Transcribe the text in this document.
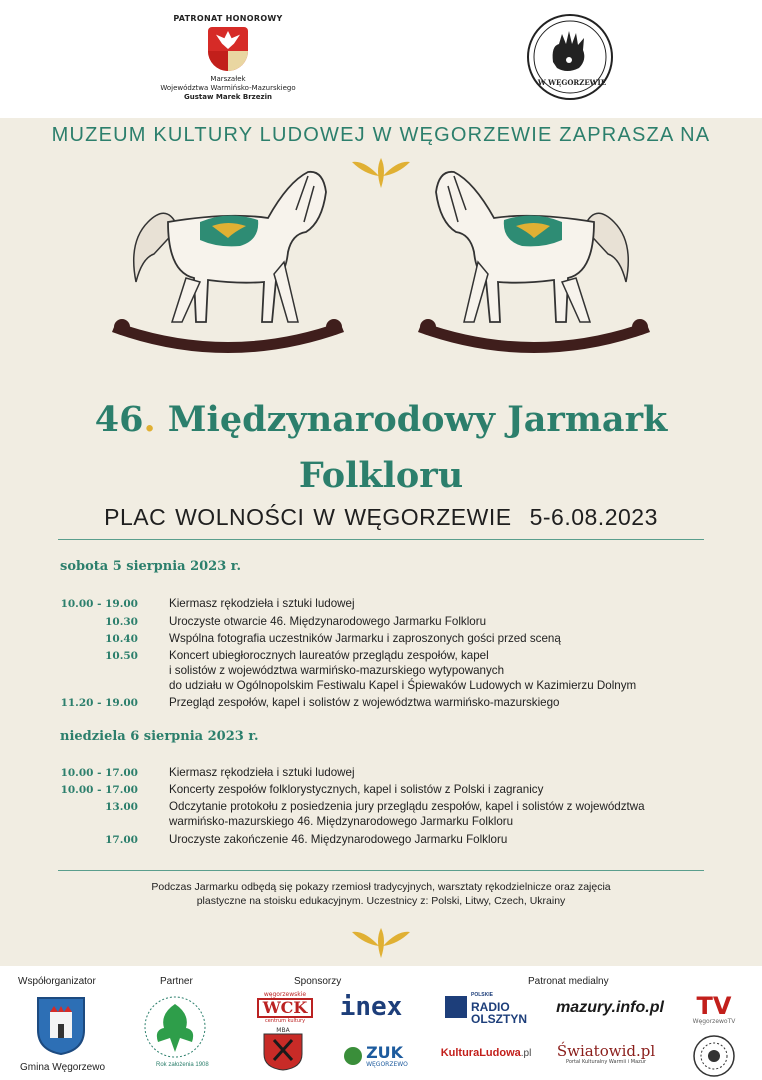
PATRONAT HONOROWY
Marszałek
Województwa Warmińsko-Mazurskiego
Gustaw Marek Brzezin
W WĘGORZEWIE
MUZEUM KULTURY LUDOWEJ W WĘGORZEWIE ZAPRASZA NA
46. Międzynarodowy Jarmark
Folkloru
PLAC WOLNOŚCI W WĘGORZEWIE 5-6.08.2023
sobota 5 sierpnia 2023 r.
10.00 - 19.00	Kiermasz rękodzieła i sztuki ludowej
10.30	Uroczyste otwarcie 46. Międzynarodowego Jarmarku Folkloru
10.40	Wspólna fotografia uczestników Jarmarku i zaproszonych gości przed sceną
10.50	Koncert ubiegłorocznych laureatów przeglądu zespołów, kapel
i solistów z województwa warmińsko-mazurskiego wytypowanych
do udziału w Ogólnopolskim Festiwalu Kapel i Śpiewaków Ludowych w Kazimierzu Dolnym
11.20 - 19.00	Przegląd zespołów, kapel i solistów z województwa warmińsko-mazurskiego
niedziela 6 sierpnia 2023 r.
10.00 - 17.00	Kiermasz rękodzieła i sztuki ludowej
10.00 - 17.00	Koncerty zespołów folklorystycznych, kapel i solistów z Polski i zagranicy
13.00	Odczytanie protokołu z posiedzenia jury przeglądu zespołów, kapel i solistów z województwa
warmińsko-mazurskiego 46. Międzynarodowego Jarmarku Folkloru
17.00	Uroczyste zakończenie 46. Międzynarodowego Jarmarku Folkloru
Podczas Jarmarku odbędą się pokazy rzemiosł tradycyjnych, warsztaty rękodzielnicze oraz zajęcia
plastyczne na stoisku edukacyjnym. Uczestnicy z: Polski, Litwy, Czech, Ukrainy
Współorganizator
Gmina Węgorzewo
Partner
Rok założenia 1908
Sponsorzy
węgorzewskie
WCK
centrum kultury inex
MBA
ZUK
WĘGORZEWO
Patronat medialny
POLSKIE
RADIO
OLSZTYN
mazury.info.pl	TV
WęgorzewoTV
KulturaLudowa .pl Światowid.pl
Portal Kulturalny Warmii i Mazur
